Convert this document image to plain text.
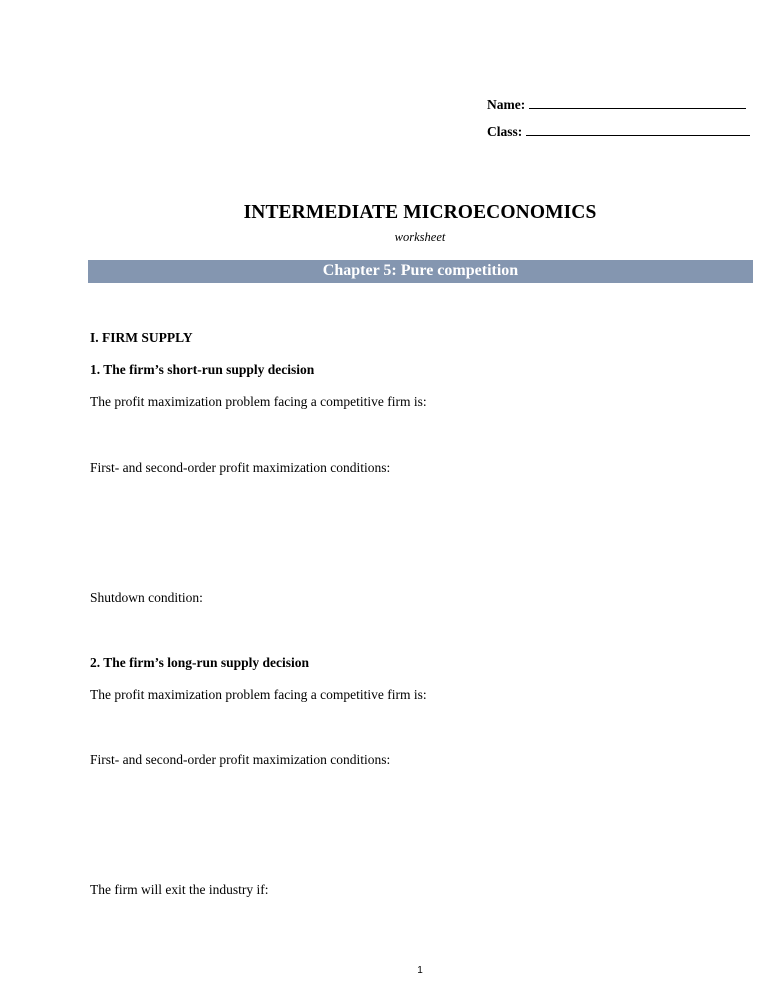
Name:
Class:
INTERMEDIATE MICROECONOMICS
worksheet
Chapter 5: Pure competition
I. FIRM SUPPLY
1. The firm’s short-run supply decision
The profit maximization problem facing a competitive firm is:
First- and second-order profit maximization conditions:
Shutdown condition:
2. The firm’s long-run supply decision
The profit maximization problem facing a competitive firm is:
First- and second-order profit maximization conditions:
The firm will exit the industry if:
1
